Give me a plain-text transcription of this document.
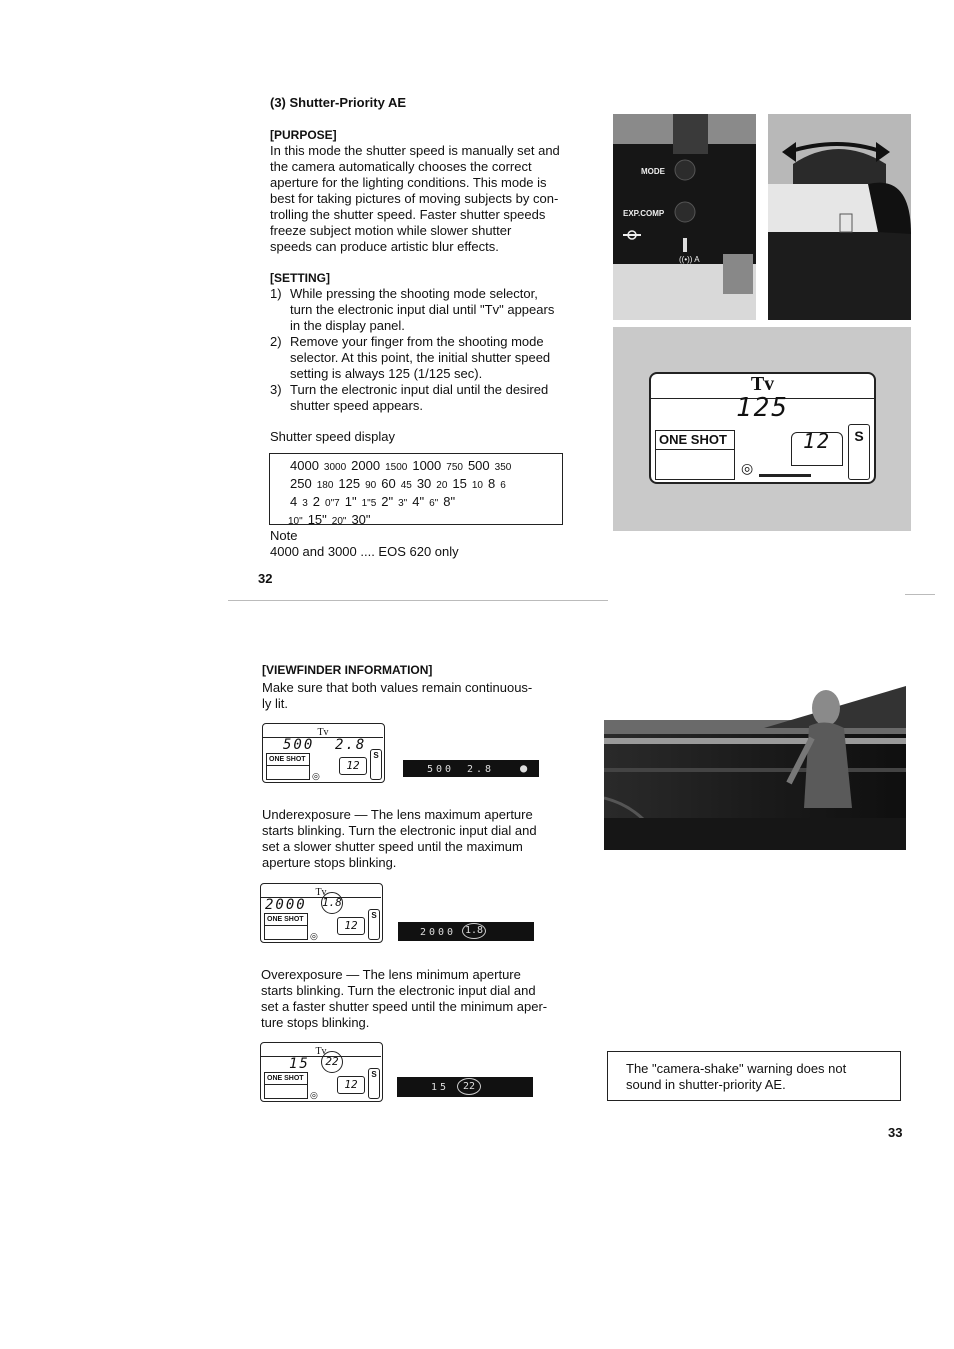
(3) Shutter-Priority AE
[PURPOSE]
In this mode the shutter speed is manually set and
the camera automatically chooses the correct
aperture for the lighting conditions. This mode is
best for taking pictures of moving subjects by con-
trolling the shutter speed. Faster shutter speeds
freeze subject motion while slower shutter
speeds can produce artistic blur effects.
[SETTING]
1) While pressing the shooting mode selector,
turn the electronic input dial until "Tv" appears
in the display panel.
2) Remove your finger from the shooting mode
selector. At this point, the initial shutter speed
setting is always 125 (1/125 sec).
3) Turn the electronic input dial until the desired
shutter speed appears.
Shutter speed display
4000 3000 2000 1500 1000 750 500 350
250 180 125 90 60 45 30 20 15 10 8 6
4 3 2 0"7 1" 1"5 2" 3" 4" 6" 8"
10" 15" 20" 30"
Note
4000 and 3000 .... EOS 620 only
32
MODE
EXP.COMP
((•)) A
Tv
125
ONE SHOT
◎
12	S
[VIEWFINDER INFORMATION]
Make sure that both values remain continuous-
ly lit.
Tv
500 2.8
ONE SHOT
◎
12
S
500 2.8 ●
Underexposure — The lens maximum aperture
starts blinking. Turn the electronic input dial and
set a slower shutter speed until the maximum
aperture stops blinking.
Tv
2000 1.8
ONE SHOT
◎
12
S
2000 1.8
Overexposure — The lens minimum aperture
starts blinking. Turn the electronic input dial and
set a faster shutter speed until the minimum aper-
ture stops blinking.
Tv
15	22
ONE SHOT
◎
12
S
15	22
The "camera-shake" warning does not
sound in shutter-priority AE.
33
